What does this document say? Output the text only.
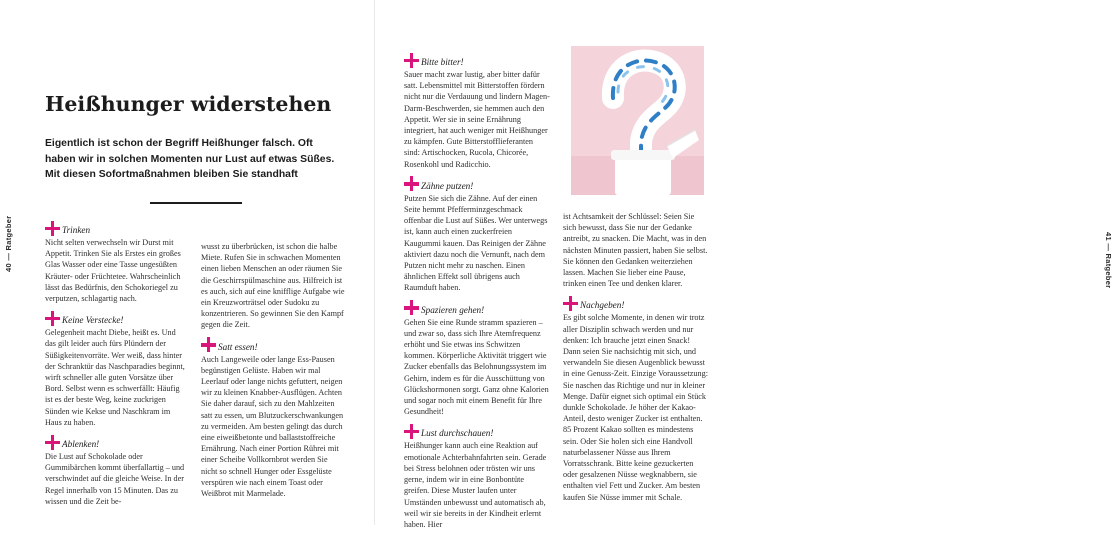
40 — Ratgeber
Heißhunger widerstehen

Eigentlich ist schon der Begriff Heißhunger falsch. Oft haben wir in solchen Momenten nur Lust auf etwas Süßes. Mit diesen Sofortmaßnahmen bleiben Sie standhaft

Trinken

Nicht selten verwechseln wir Durst mit Appetit. Trinken Sie als Erstes ein großes Glas Wasser oder eine Tasse ungesüßten Kräuter- oder Früchtetee. Wahrscheinlich lässt das Bedürfnis, den Schokoriegel zu verputzen, schlagartig nach.

Keine Verstecke!

Gelegenheit macht Diebe, heißt es. Und das gilt leider auch fürs Plündern der Süßigkeitenvorräte. Wer weiß, dass hinter der Schranktür das Naschparadies beginnt, wirft schneller alle guten Vorsätze über Bord. Selbst wenn es schwerfällt: Häufig ist es der beste Weg, keine zuckrigen Sünden wie Kekse und Naschkram im Haus zu haben.

Ablenken!

Die Lust auf Schokolade oder Gummibärchen kommt überfallartig – und verschwindet auf die gleiche Weise. In der Regel innerhalb von 15 Minuten. Das zu wissen und die Zeit be-

wusst zu überbrücken, ist schon die halbe Miete. Rufen Sie in schwachen Momenten einen lieben Menschen an oder räumen Sie die Geschirrspülmaschine aus. Hilfreich ist es auch, sich auf eine knifflige Aufgabe wie ein Kreuzworträtsel oder Sudoku zu konzentrieren. So gewinnen Sie den Kampf gegen die Zeit.

Satt essen!

Auch Langeweile oder lange Ess-Pausen begünstigen Gelüste. Haben wir mal Leerlauf oder lange nichts gefuttert, neigen wir zu kleinen Knabber-Ausflügen. Achten Sie daher darauf, sich zu den Mahlzeiten satt zu essen, um Blutzuckerschwankungen zu vermeiden. Am besten gelingt das durch eine eiweißbetonte und ballaststoffreiche Ernährung. Nach einer Portion Rührei mit einer Scheibe Vollkornbrot werden Sie nicht so schnell Hunger oder Essgelüste verspüren wie nach einem Toast oder Weißbrot mit Marmelade.

41 — Ratgeber
Bitte bitter!

Sauer macht zwar lustig, aber bitter dafür satt. Lebensmittel mit Bitterstoffen fördern nicht nur die Verdauung und lindern Magen-Darm-Beschwerden, sie hemmen auch den Appetit. Wer sie in seine Ernährung integriert, hat auch weniger mit Heißhunger zu kämpfen. Gute Bitterstofflieferanten sind: Artischocken, Rucola, Chicorée, Rosenkohl und Radicchio.

Zähne putzen!

Putzen Sie sich die Zähne. Auf der einen Seite hemmt Pfefferminzgeschmack offenbar die Lust auf Süßes. Wer unterwegs ist, kann auch einen zuckerfreien Kaugummi kauen. Das Reinigen der Zähne aktiviert dazu noch die Vernunft, nach dem Putzen nicht mehr zu naschen. Einen ähnlichen Effekt soll übrigens auch Raumduft haben.

Spazieren gehen!

Gehen Sie eine Runde stramm spazieren – und zwar so, dass sich Ihre Atemfrequenz erhöht und Sie etwas ins Schwitzen kommen. Körperliche Aktivität triggert wie Zucker ebenfalls das Belohnungssystem im Gehirn, indem es für die Ausschüttung von Glückshormonen sorgt. Ganz ohne Kalorien und sogar noch mit einem Benefit für Ihre Gesundheit!

Lust durchschauen!

Heißhunger kann auch eine Reaktion auf emotionale Achterbahnfahrten sein. Gerade bei Stress belohnen oder trösten wir uns gerne, indem wir in eine Bonbontüte greifen. Diese Muster laufen unter Umständen unbewusst und automatisch ab, weil wir sie bereits in der Kindheit erlernt haben. Hier

ist Achtsamkeit der Schlüssel: Seien Sie sich bewusst, dass Sie nur der Gedanke antreibt, zu snacken. Die Macht, was in den nächsten Minuten passiert, haben Sie selbst. Sie können den Gedanken weiterziehen lassen. Machen Sie lieber eine Pause, trinken einen Tee und denken klarer.

Nachgeben!

Es gibt solche Momente, in denen wir trotz aller Disziplin schwach werden und nur denken: Ich brauche jetzt einen Snack! Dann seien Sie nachsichtig mit sich, und verwandeln Sie diesen Augenblick bewusst in eine Genuss-Zeit. Einzige Voraussetzung: Sie naschen das Richtige und nur in kleiner Menge. Dafür eignet sich optimal ein Stück dunkle Schokolade. Je höher der Kakao-Anteil, desto weniger Zucker ist enthalten. 85 Prozent Kakao sollten es mindestens sein. Oder Sie holen sich eine Handvoll naturbelassener Nüsse aus Ihrem Vorratsschrank. Bitte keine gezuckerten oder gesalzenen Nüsse wegknabbern, sie enthalten viel Fett und Zucker. Am besten kaufen Sie Nüsse immer mit Schale.
